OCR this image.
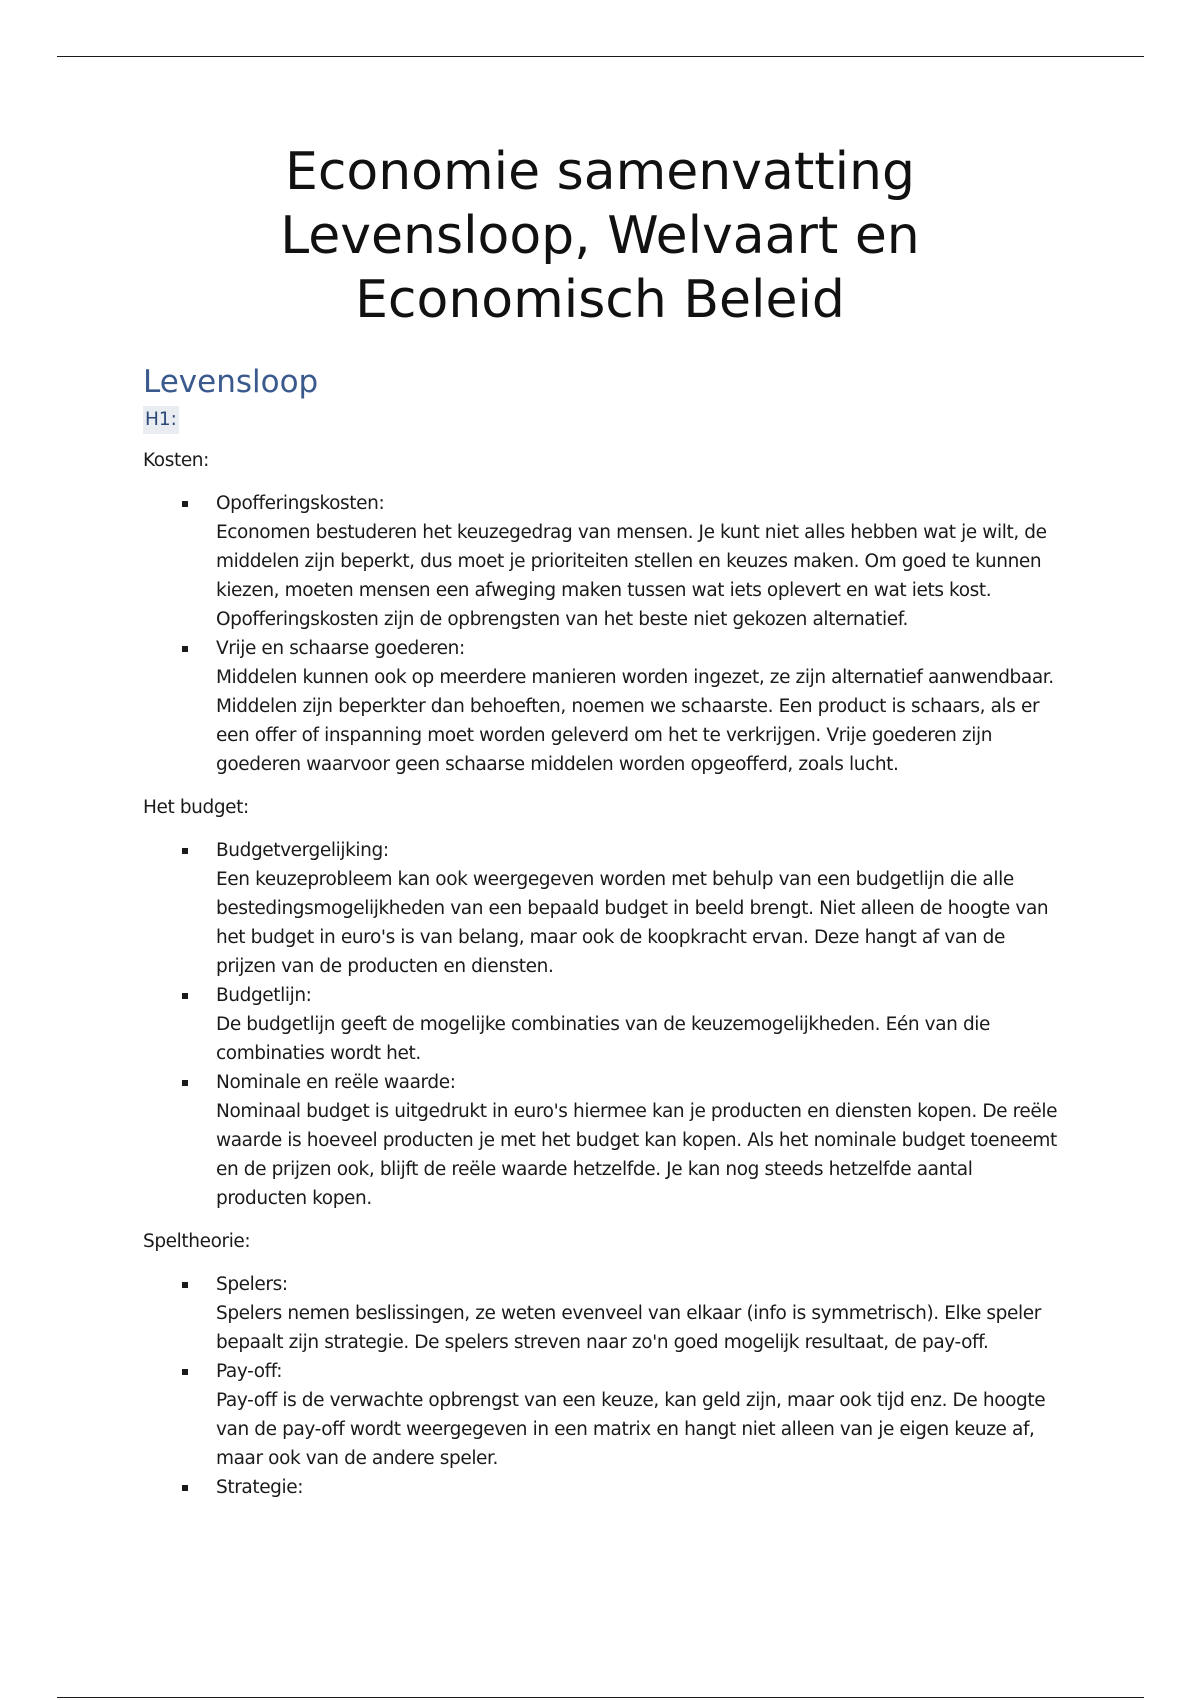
Economie samenvatting
Levensloop, Welvaart en
Economisch Beleid
Levensloop
H1:

Kosten:

Opofferingskosten:
Economen bestuderen het keuzegedrag van mensen. Je kunt niet alles hebben wat je wilt, de middelen zijn beperkt, dus moet je prioriteiten stellen en keuzes maken. Om goed te kunnen kiezen, moeten mensen een afweging maken tussen wat iets oplevert en wat iets kost. Opofferingskosten zijn de opbrengsten van het beste niet gekozen alternatief.
Vrije en schaarse goederen:
Middelen kunnen ook op meerdere manieren worden ingezet, ze zijn alternatief aanwendbaar. Middelen zijn beperkter dan behoeften, noemen we schaarste. Een product is schaars, als er een offer of inspanning moet worden geleverd om het te verkrijgen. Vrije goederen zijn goederen waarvoor geen schaarse middelen worden opgeofferd, zoals lucht.

Het budget:

Budgetvergelijking:
Een keuzeprobleem kan ook weergegeven worden met behulp van een budgetlijn die alle bestedingsmogelijkheden van een bepaald budget in beeld brengt. Niet alleen de hoogte van het budget in euro's is van belang, maar ook de koopkracht ervan. Deze hangt af van de prijzen van de producten en diensten.
Budgetlijn:
De budgetlijn geeft de mogelijke combinaties van de keuzemogelijkheden. Eén van die combinaties wordt het.
Nominale en reële waarde:
Nominaal budget is uitgedrukt in euro's hiermee kan je producten en diensten kopen. De reële waarde is hoeveel producten je met het budget kan kopen. Als het nominale budget toeneemt en de prijzen ook, blijft de reële waarde hetzelfde. Je kan nog steeds hetzelfde aantal producten kopen.

Speltheorie:

Spelers:
Spelers nemen beslissingen, ze weten evenveel van elkaar (info is symmetrisch). Elke speler bepaalt zijn strategie. De spelers streven naar zo'n goed mogelijk resultaat, de pay-off.
Pay-off:
Pay-off is de verwachte opbrengst van een keuze, kan geld zijn, maar ook tijd enz. De hoogte van de pay-off wordt weergegeven in een matrix en hangt niet alleen van je eigen keuze af, maar ook van de andere speler.
Strategie:
